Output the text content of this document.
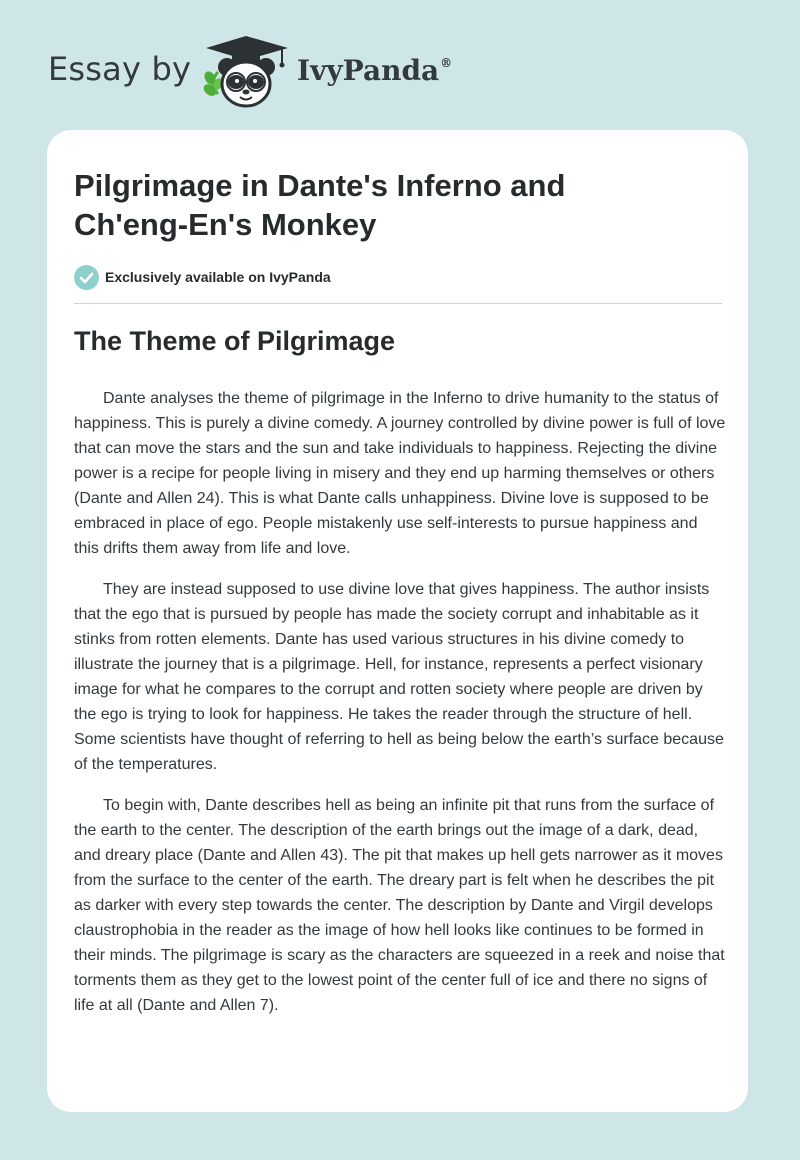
Essay by	IvyPanda®
Pilgrimage in Dante's Inferno and Ch'eng-En's Monkey
Exclusively available on IvyPanda
The Theme of Pilgrimage

Dante analyses the theme of pilgrimage in the Inferno to drive humanity to the status of happiness. This is purely a divine comedy. A journey controlled by divine power is full of love that can move the stars and the sun and take individuals to happiness. Rejecting the divine power is a recipe for people living in misery and they end up harming themselves or others (Dante and Allen 24). This is what Dante calls unhappiness. Divine love is supposed to be embraced in place of ego. People mistakenly use self-interests to pursue happiness and this drifts them away from life and love.

They are instead supposed to use divine love that gives happiness. The author insists that the ego that is pursued by people has made the society corrupt and inhabitable as it stinks from rotten elements. Dante has used various structures in his divine comedy to illustrate the journey that is a pilgrimage. Hell, for instance, represents a perfect visionary image for what he compares to the corrupt and rotten society where people are driven by the ego is trying to look for happiness. He takes the reader through the structure of hell. Some scientists have thought of referring to hell as being below the earth’s surface because of the temperatures.

To begin with, Dante describes hell as being an infinite pit that runs from the surface of the earth to the center. The description of the earth brings out the image of a dark, dead, and dreary place (Dante and Allen 43). The pit that makes up hell gets narrower as it moves from the surface to the center of the earth. The dreary part is felt when he describes the pit as darker with every step towards the center. The description by Dante and Virgil develops claustrophobia in the reader as the image of how hell looks like continues to be formed in their minds. The pilgrimage is scary as the characters are squeezed in a reek and noise that torments them as they get to the lowest point of the center full of ice and there no signs of life at all (Dante and Allen 7).
